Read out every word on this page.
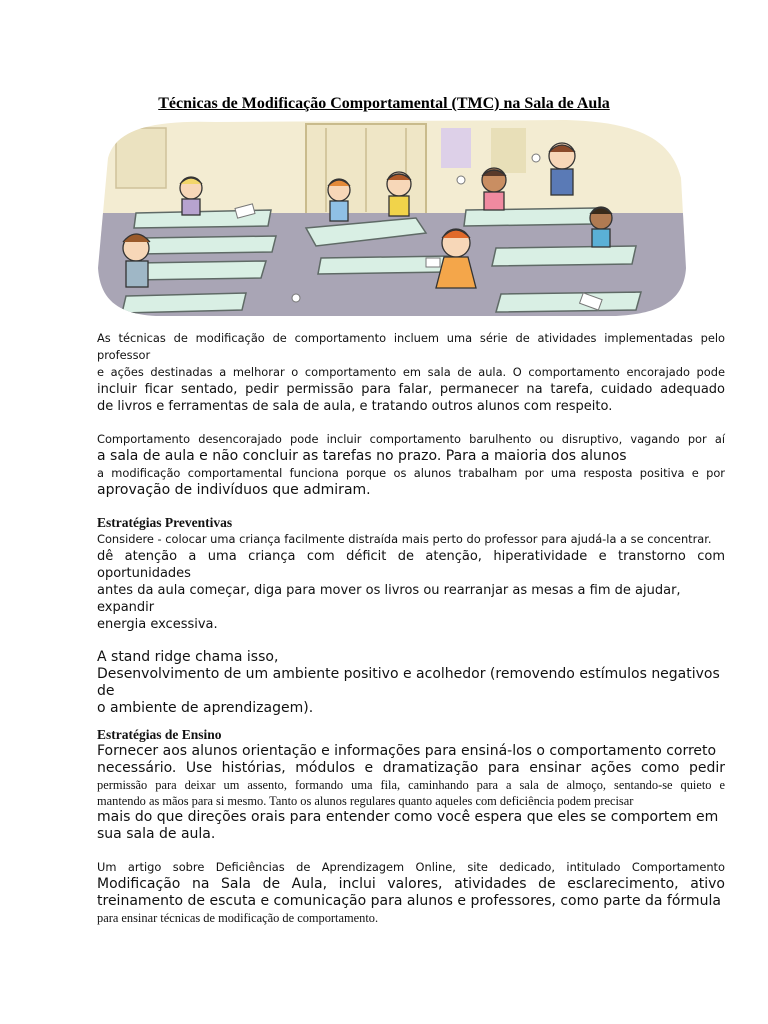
Técnicas de Modificação Comportamental (TMC) na Sala de Aula

As técnicas de modificação de comportamento incluem uma série de atividades implementadas pelo professor

e ações destinadas a melhorar o comportamento em sala de aula. O comportamento encorajado pode

incluir ficar sentado, pedir permissão para falar, permanecer na tarefa, cuidado adequado

de livros e ferramentas de sala de aula, e tratando outros alunos com respeito.

Comportamento desencorajado pode incluir comportamento barulhento ou disruptivo, vagando por aí

a sala de aula e não concluir as tarefas no prazo. Para a maioria dos alunos

a modificação comportamental funciona porque os alunos trabalham por uma resposta positiva e por

aprovação de indivíduos que admiram.

Estratégias Preventivas

Considere - colocar uma criança facilmente distraída mais perto do professor para ajudá-la a se concentrar.

dê atenção a uma criança com déficit de atenção, hiperatividade e transtorno com oportunidades

antes da aula começar, diga para mover os livros ou rearranjar as mesas a fim de ajudar, expandir

energia excessiva.

A stand ridge chama isso,

Desenvolvimento de um ambiente positivo e acolhedor (removendo estímulos negativos de

o ambiente de aprendizagem).

Estratégias de Ensino

Fornecer aos alunos orientação e informações para ensiná-los o comportamento correto

necessário. Use histórias, módulos e dramatização para ensinar ações como pedir

permissão para deixar um assento, formando uma fila, caminhando para a sala de almoço, sentando-se quieto e

mantendo as mãos para si mesmo. Tanto os alunos regulares quanto aqueles com deficiência podem precisar

mais do que direções orais para entender como você espera que eles se comportem em

sua sala de aula.

Um artigo sobre Deficiências de Aprendizagem Online, site dedicado, intitulado Comportamento

Modificação na Sala de Aula, inclui valores, atividades de esclarecimento, ativo

treinamento de escuta e comunicação para alunos e professores, como parte da fórmula

para ensinar técnicas de modificação de comportamento.
